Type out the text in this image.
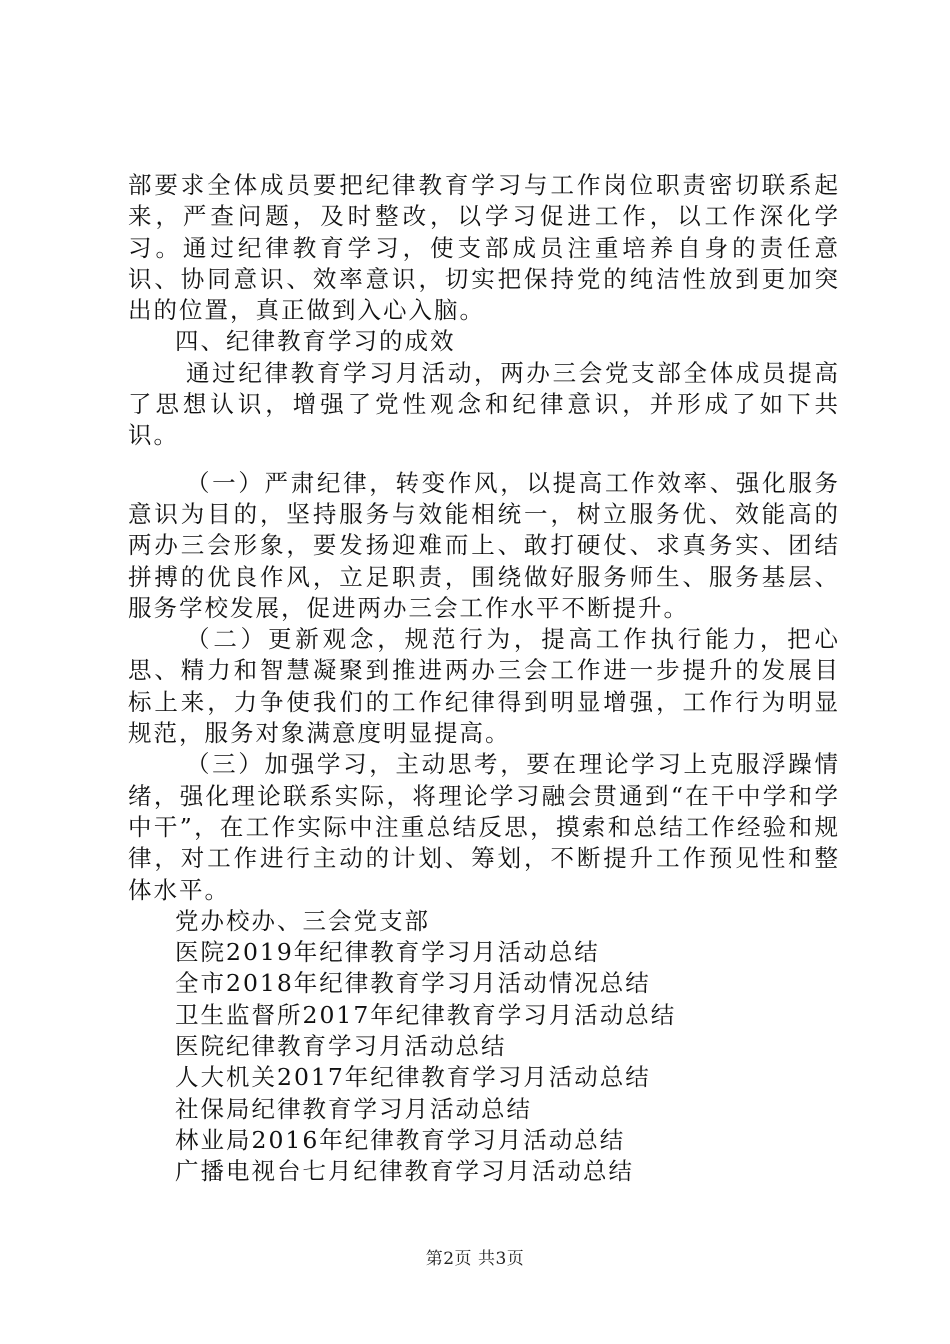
部要求全体成员要把纪律教育学习与工作岗位职责密切联系起来，严查问题，及时整改，以学习促进工作，以工作深化学习。通过纪律教育学习，使支部成员注重培养自身的责任意识、协同意识、效率意识，切实把保持党的纯洁性放到更加突出的位置，真正做到入心入脑。

四、纪律教育学习的成效

通过纪律教育学习月活动，两办三会党支部全体成员提高了思想认识，增强了党性观念和纪律意识，并形成了如下共识。

（一）严肃纪律，转变作风，以提高工作效率、强化服务意识为目的，坚持服务与效能相统一，树立服务优、效能高的两办三会形象，要发扬迎难而上、敢打硬仗、求真务实、团结拼搏的优良作风，立足职责，围绕做好服务师生、服务基层、服务学校发展，促进两办三会工作水平不断提升。

（二）更新观念，规范行为，提高工作执行能力，把心思、精力和智慧凝聚到推进两办三会工作进一步提升的发展目标上来，力争使我们的工作纪律得到明显增强，工作行为明显规范，服务对象满意度明显提高。

（三）加强学习，主动思考，要在理论学习上克服浮躁情绪，强化理论联系实际，将理论学习融会贯通到“在干中学和学中干”，在工作实际中注重总结反思，摸索和总结工作经验和规律，对工作进行主动的计划、筹划，不断提升工作预见性和整体水平。

党办校办、三会党支部

医院2019年纪律教育学习月活动总结
全市2018年纪律教育学习月活动情况总结
卫生监督所2017年纪律教育学习月活动总结
医院纪律教育学习月活动总结
人大机关2017年纪律教育学习月活动总结
社保局纪律教育学习月活动总结
林业局2016年纪律教育学习月活动总结
广播电视台七月纪律教育学习月活动总结
第2页 共3页
